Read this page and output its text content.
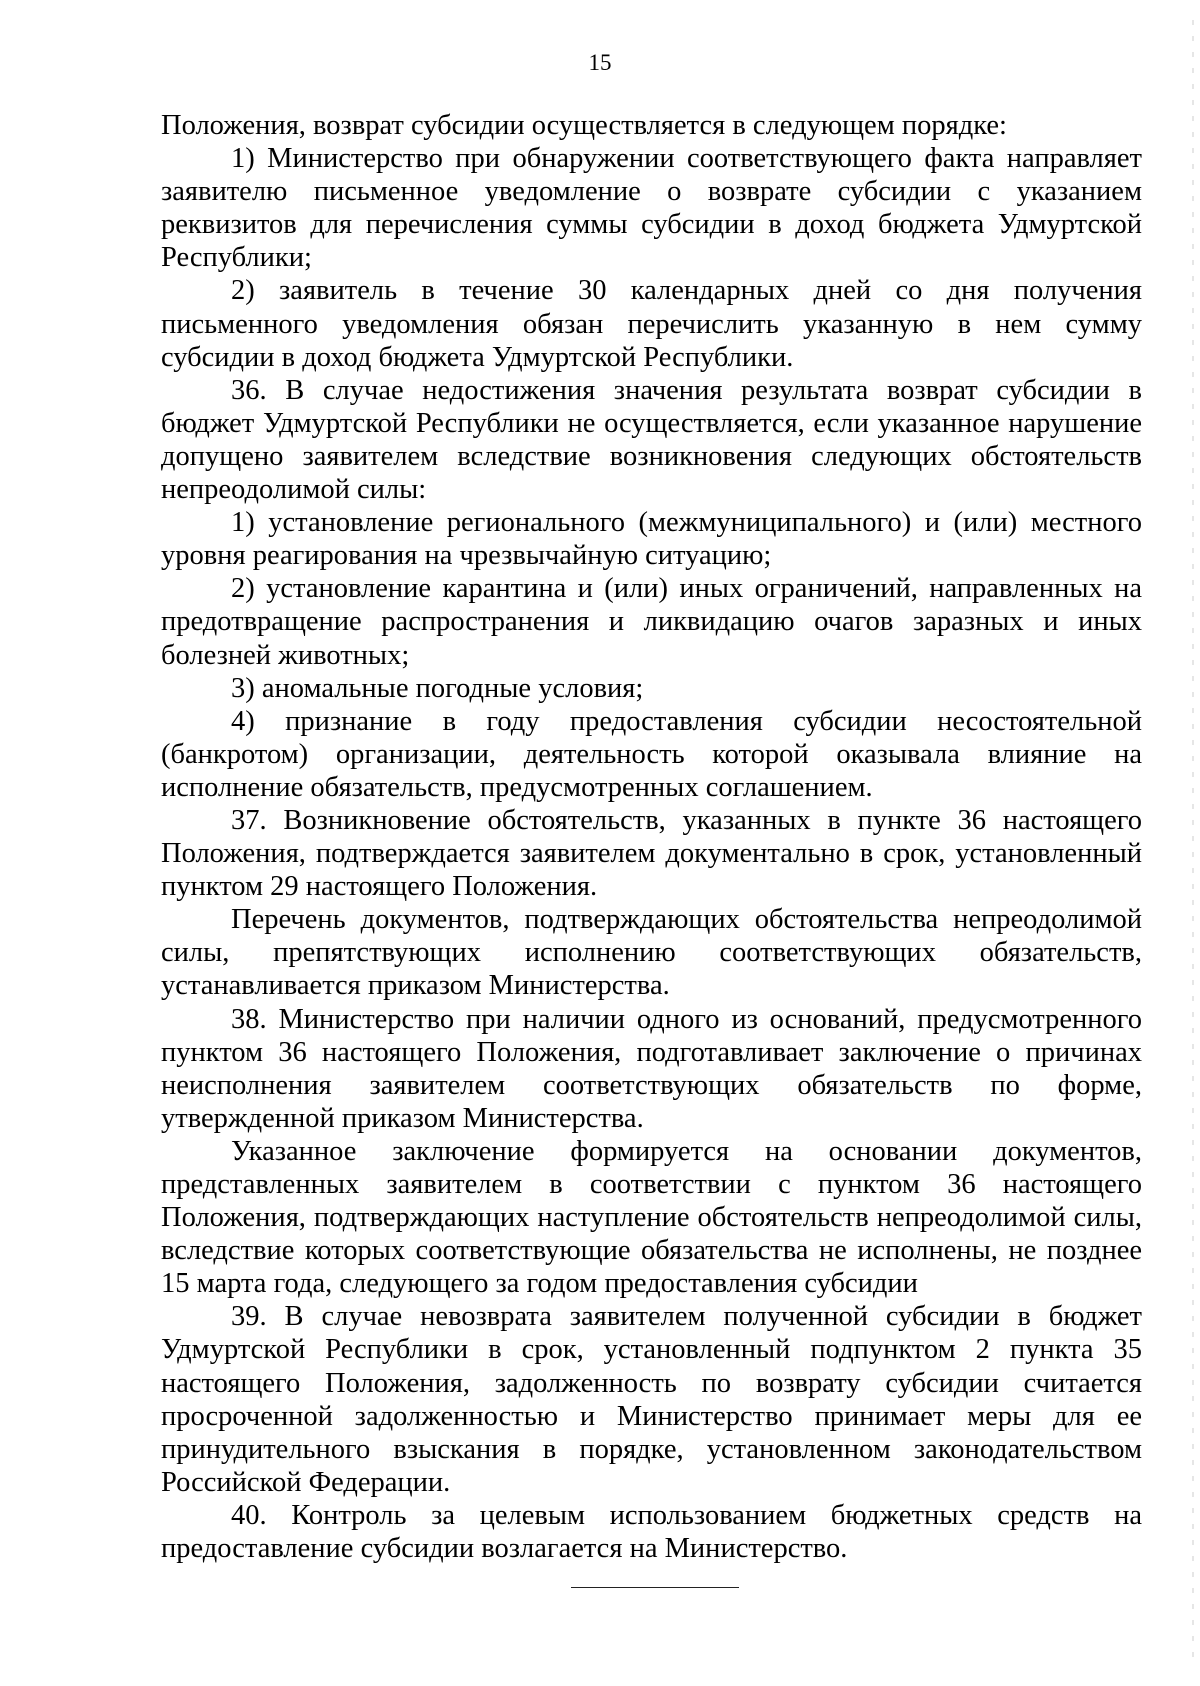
15

Положения, возврат субсидии осуществляется в следующем порядке:

1) Министерство при обнаружении соответствующего факта направляет заявителю письменное уведомление о возврате субсидии с указанием реквизитов для перечисления суммы субсидии в доход бюджета Удмуртской Республики;

2) заявитель в течение 30 календарных дней со дня получения письменного уведомления обязан перечислить указанную в нем сумму субсидии в доход бюджета Удмуртской Республики.

36. В случае недостижения значения результата возврат субсидии в бюджет Удмуртской Республики не осуществляется, если указанное нарушение допущено заявителем вследствие возникновения следующих обстоятельств непреодолимой силы:

1) установление регионального (межмуниципального) и (или) местного уровня реагирования на чрезвычайную ситуацию;

2) установление карантина и (или) иных ограничений, направленных на предотвращение распространения и ликвидацию очагов заразных и иных болезней животных;

3) аномальные погодные условия;

4) признание в году предоставления субсидии несостоятельной (банкротом) организации, деятельность которой оказывала влияние на исполнение обязательств, предусмотренных соглашением.

37. Возникновение обстоятельств, указанных в пункте 36 настоящего Положения, подтверждается заявителем документально в срок, установленный пунктом 29 настоящего Положения.

Перечень документов, подтверждающих обстоятельства непреодолимой силы, препятствующих исполнению соответствующих обязательств, устанавливается приказом Министерства.

38. Министерство при наличии одного из оснований, предусмотренного пунктом 36 настоящего Положения, подготавливает заключение о причинах неисполнения заявителем соответствующих обязательств по форме, утвержденной приказом Министерства.

Указанное заключение формируется на основании документов, представленных заявителем в соответствии с пунктом 36 настоящего Положения, подтверждающих наступление обстоятельств непреодолимой силы, вследствие которых соответствующие обязательства не исполнены, не позднее 15 марта года, следующего за годом предоставления субсидии

39. В случае невозврата заявителем полученной субсидии в бюджет Удмуртской Республики в срок, установленный подпунктом 2 пункта 35 настоящего Положения, задолженность по возврату субсидии считается просроченной задолженностью и Министерство принимает меры для ее принудительного взыскания в порядке, установленном законодательством Российской Федерации.

40. Контроль за целевым использованием бюджетных средств на предоставление субсидии возлагается на Министерство.
